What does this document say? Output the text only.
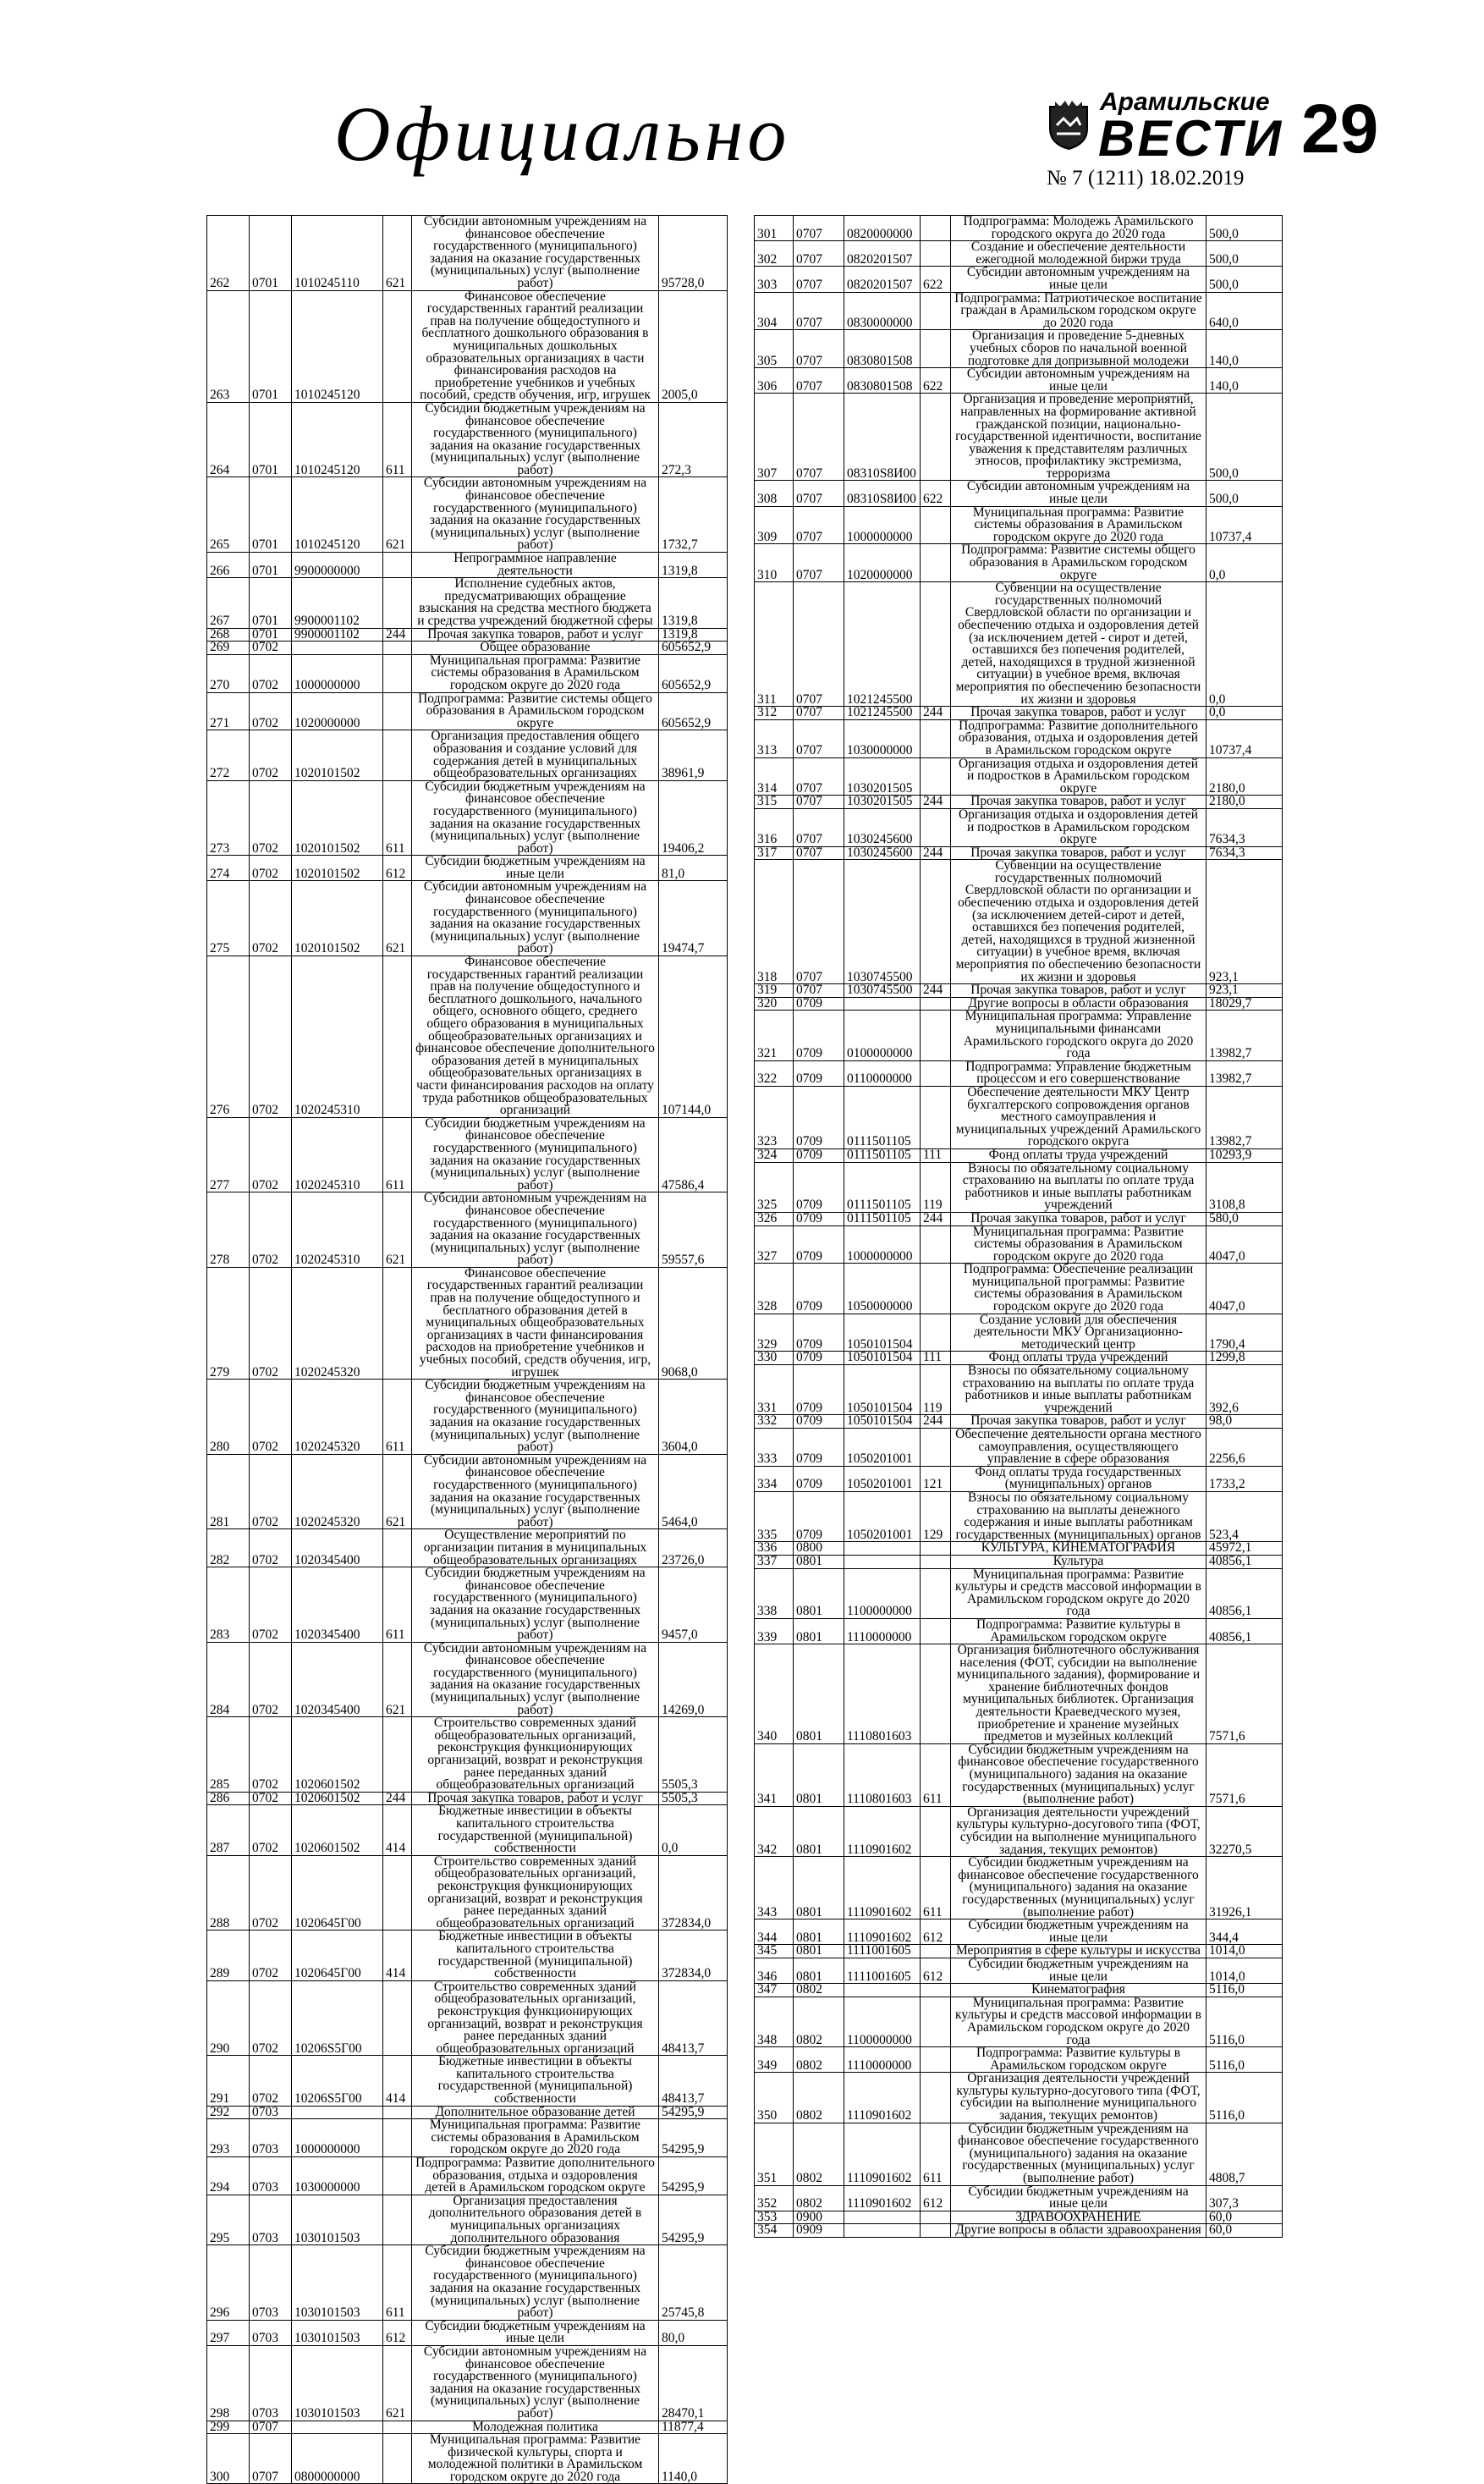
Официально	Арамильские
ВЕСТИ
№ 7 (1211) 18.02.2019
29
262	0701	1010245110	621	Субсидии автономным учреждениям на финансовое обеспечение государственного (муниципального) задания на оказание государственных (муниципальных) услуг (выполнение работ)	95728,0
263	0701	1010245120		Финансовое обеспечение государственных гарантий реализации прав на получение общедоступного и бесплатного дошкольного образования в муниципальных дошкольных образовательных организациях в части финансирования расходов на приобретение учебников и учебных пособий, средств обучения, игр, игрушек	2005,0
264	0701	1010245120	611	Субсидии бюджетным учреждениям на финансовое обеспечение государственного (муниципального) задания на оказание государственных (муниципальных) услуг (выполнение работ)	272,3
265	0701	1010245120	621	Субсидии автономным учреждениям на финансовое обеспечение государственного (муниципального) задания на оказание государственных (муниципальных) услуг (выполнение работ)	1732,7
266	0701	9900000000		Непрограммное направление деятельности	1319,8
267	0701	9900001102		Исполнение судебных актов, предусматривающих обращение взыскания на средства местного бюджета и средства учреждений бюджетной сферы	1319,8
268	0701	9900001102	244	Прочая закупка товаров, работ и услуг	1319,8
269	0702			Общее образование	605652,9
270	0702	1000000000		Муниципальная программа: Развитие системы образования в Арамильском городском округе до 2020 года	605652,9
271	0702	1020000000		Подпрограмма: Развитие системы общего образования в Арамильском городском округе	605652,9
272	0702	1020101502		Организация предоставления общего образования и создание условий для содержания детей в муниципальных общеобразовательных организациях	38961,9
273	0702	1020101502	611	Субсидии бюджетным учреждениям на финансовое обеспечение государственного (муниципального) задания на оказание государственных (муниципальных) услуг (выполнение работ)	19406,2
274	0702	1020101502	612	Субсидии бюджетным учреждениям на иные цели	81,0
275	0702	1020101502	621	Субсидии автономным учреждениям на финансовое обеспечение государственного (муниципального) задания на оказание государственных (муниципальных) услуг (выполнение работ)	19474,7
276	0702	1020245310		Финансовое обеспечение государственных гарантий реализации прав на получение общедоступного и бесплатного дошкольного, начального общего, основного общего, среднего общего образования в муниципальных общеобразовательных организациях и финансовое обеспечение дополнительного образования детей в муниципальных общеобразовательных организациях в части финансирования расходов на оплату труда работников общеобразовательных организаций	107144,0
277	0702	1020245310	611	Субсидии бюджетным учреждениям на финансовое обеспечение государственного (муниципального) задания на оказание государственных (муниципальных) услуг (выполнение работ)	47586,4
278	0702	1020245310	621	Субсидии автономным учреждениям на финансовое обеспечение государственного (муниципального) задания на оказание государственных (муниципальных) услуг (выполнение работ)	59557,6
279	0702	1020245320		Финансовое обеспечение государственных гарантий реализации прав на получение общедоступного и бесплатного образования детей в муниципальных общеобразовательных организациях в части финансирования расходов на приобретение учебников и учебных пособий, средств обучения, игр, игрушек	9068,0
280	0702	1020245320	611	Субсидии бюджетным учреждениям на финансовое обеспечение государственного (муниципального) задания на оказание государственных (муниципальных) услуг (выполнение работ)	3604,0
281	0702	1020245320	621	Субсидии автономным учреждениям на финансовое обеспечение государственного (муниципального) задания на оказание государственных (муниципальных) услуг (выполнение работ)	5464,0
282	0702	1020345400		Осуществление мероприятий по организации питания в муниципальных общеобразовательных организациях	23726,0
283	0702	1020345400	611	Субсидии бюджетным учреждениям на финансовое обеспечение государственного (муниципального) задания на оказание государственных (муниципальных) услуг (выполнение работ)	9457,0
284	0702	1020345400	621	Субсидии автономным учреждениям на финансовое обеспечение государственного (муниципального) задания на оказание государственных (муниципальных) услуг (выполнение работ)	14269,0
285	0702	1020601502		Строительство современных зданий общеобразовательных организаций, реконструкция функционирующих организаций, возврат и реконструкция ранее переданных зданий общеобразовательных организаций	5505,3
286	0702	1020601502	244	Прочая закупка товаров, работ и услуг	5505,3
287	0702	1020601502	414	Бюджетные инвестиции в объекты капитального строительства государственной (муниципальной) собственности	0,0
288	0702	1020645Г00		Строительство современных зданий общеобразовательных организаций, реконструкция функционирующих организаций, возврат и реконструкция ранее переданных зданий общеобразовательных организаций	372834,0
289	0702	1020645Г00	414	Бюджетные инвестиции в объекты капитального строительства государственной (муниципальной) собственности	372834,0
290	0702	10206S5Г00		Строительство современных зданий общеобразовательных организаций, реконструкция функционирующих организаций, возврат и реконструкция ранее переданных зданий общеобразовательных организаций	48413,7
291	0702	10206S5Г00	414	Бюджетные инвестиции в объекты капитального строительства государственной (муниципальной) собственности	48413,7
292	0703			Дополнительное образование детей	54295,9
293	0703	1000000000		Муниципальная программа: Развитие системы образования в Арамильском городском округе до 2020 года	54295,9
294	0703	1030000000		Подпрограмма: Развитие дополнительного образования, отдыха и оздоровления детей в Арамильском городском округе	54295,9
295	0703	1030101503		Организация предоставления дополнительного образования детей в муниципальных организациях дополнительного образования	54295,9
296	0703	1030101503	611	Субсидии бюджетным учреждениям на финансовое обеспечение государственного (муниципального) задания на оказание государственных (муниципальных) услуг (выполнение работ)	25745,8
297	0703	1030101503	612	Субсидии бюджетным учреждениям на иные цели	80,0
298	0703	1030101503	621	Субсидии автономным учреждениям на финансовое обеспечение государственного (муниципального) задания на оказание государственных (муниципальных) услуг (выполнение работ)	28470,1
299	0707			Молодежная политика	11877,4
300	0707	0800000000		Муниципальная программа: Развитие физической культуры, спорта и молодежной политики в Арамильском городском округе до 2020 года	1140,0
301	0707	0820000000		Подпрограмма: Молодежь Арамильского городского округа до 2020 года	500,0
302	0707	0820201507		Создание и обеспечение деятельности ежегодной молодежной биржи труда	500,0
303	0707	0820201507	622	Субсидии автономным учреждениям на иные цели	500,0
304	0707	0830000000		Подпрограмма: Патриотическое воспитание граждан в Арамильском городском округе до 2020 года	640,0
305	0707	0830801508		Организация и проведение 5-дневных учебных сборов по начальной военной подготовке для допризывной молодежи	140,0
306	0707	0830801508	622	Субсидии автономным учреждениям на иные цели	140,0
307	0707	08310S8И00		Организация и проведение мероприятий, направленных на формирование активной гражданской позиции, национально-государственной идентичности, воспитание уважения к представителям различных этносов, профилактику экстремизма, терроризма	500,0
308	0707	08310S8И00	622	Субсидии автономным учреждениям на иные цели	500,0
309	0707	1000000000		Муниципальная программа: Развитие системы образования в Арамильском городском округе до 2020 года	10737,4
310	0707	1020000000		Подпрограмма: Развитие системы общего образования в Арамильском городском округе	0,0
311	0707	1021245500		Субвенции на осуществление государственных полномочий Свердловской области по организации и обеспечению отдыха и оздоровления детей (за исключением детей - сирот и детей, оставшихся без попечения родителей, детей, находящихся в трудной жизненной ситуации) в учебное время, включая мероприятия по обеспечению безопасности их жизни и здоровья	0,0
312	0707	1021245500	244	Прочая закупка товаров, работ и услуг	0,0
313	0707	1030000000		Подпрограмма: Развитие дополнительного образования, отдыха и оздоровления детей в Арамильском городском округе	10737,4
314	0707	1030201505		Организация отдыха и оздоровления детей и подростков в Арамильском городском округе	2180,0
315	0707	1030201505	244	Прочая закупка товаров, работ и услуг	2180,0
316	0707	1030245600		Организация отдыха и оздоровления детей и подростков в Арамильском городском округе	7634,3
317	0707	1030245600	244	Прочая закупка товаров, работ и услуг	7634,3
318	0707	1030745500		Субвенции на осуществление государственных полномочий Свердловской области по организации и обеспечению отдыха и оздоровления детей (за исключением детей-сирот и детей, оставшихся без попечения родителей, детей, находящихся в трудной жизненной ситуации) в учебное время, включая мероприятия по обеспечению безопасности их жизни и здоровья	923,1
319	0707	1030745500	244	Прочая закупка товаров, работ и услуг	923,1
320	0709			Другие вопросы в области образования	18029,7
321	0709	0100000000		Муниципальная программа: Управление муниципальными финансами Арамильского городского округа до 2020 года	13982,7
322	0709	0110000000		Подпрограмма: Управление бюджетным процессом и его совершенствование	13982,7
323	0709	0111501105		Обеспечение деятельности МКУ Центр бухгалтерского сопровождения органов местного самоуправления и муниципальных учреждений Арамильского городского округа	13982,7
324	0709	0111501105	111	Фонд оплаты труда учреждений	10293,9
325	0709	0111501105	119	Взносы по обязательному социальному страхованию на выплаты по оплате труда работников и иные выплаты работникам учреждений	3108,8
326	0709	0111501105	244	Прочая закупка товаров, работ и услуг	580,0
327	0709	1000000000		Муниципальная программа: Развитие системы образования в Арамильском городском округе до 2020 года	4047,0
328	0709	1050000000		Подпрограмма: Обеспечение реализации муниципальной программы: Развитие системы образования в Арамильском городском округе до 2020 года	4047,0
329	0709	1050101504		Создание условий для обеспечения деятельности МКУ Организационно-методический центр	1790,4
330	0709	1050101504	111	Фонд оплаты труда учреждений	1299,8
331	0709	1050101504	119	Взносы по обязательному социальному страхованию на выплаты по оплате труда работников и иные выплаты работникам учреждений	392,6
332	0709	1050101504	244	Прочая закупка товаров, работ и услуг	98,0
333	0709	1050201001		Обеспечение деятельности органа местного самоуправления, осуществляющего управление в сфере образования	2256,6
334	0709	1050201001	121	Фонд оплаты труда государственных (муниципальных) органов	1733,2
335	0709	1050201001	129	Взносы по обязательному социальному страхованию на выплаты денежного содержания и иные выплаты работникам государственных (муниципальных) органов	523,4
336	0800			КУЛЬТУРА, КИНЕМАТОГРАФИЯ	45972,1
337	0801			Культура	40856,1
338	0801	1100000000		Муниципальная программа: Развитие культуры и средств массовой информации в Арамильском городском округе до 2020 года	40856,1
339	0801	1110000000		Подпрограмма: Развитие культуры в Арамильском городском округе	40856,1
340	0801	1110801603		Организация библиотечного обслуживания населения (ФОТ, субсидии на выполнение муниципального задания), формирование и хранение библиотечных фондов муниципальных библиотек. Организация деятельности Краеведческого музея, приобретение и хранение музейных предметов и музейных коллекций	7571,6
341	0801	1110801603	611	Субсидии бюджетным учреждениям на финансовое обеспечение государственного (муниципального) задания на оказание государственных (муниципальных) услуг (выполнение работ)	7571,6
342	0801	1110901602		Организация деятельности учреждений культуры культурно-досугового типа (ФОТ, субсидии на выполнение муниципального задания, текущих ремонтов)	32270,5
343	0801	1110901602	611	Субсидии бюджетным учреждениям на финансовое обеспечение государственного (муниципального) задания на оказание государственных (муниципальных) услуг (выполнение работ)	31926,1
344	0801	1110901602	612	Субсидии бюджетным учреждениям на иные цели	344,4
345	0801	1111001605		Мероприятия в сфере культуры и искусства	1014,0
346	0801	1111001605	612	Субсидии бюджетным учреждениям на иные цели	1014,0
347	0802			Кинематография	5116,0
348	0802	1100000000		Муниципальная программа: Развитие культуры и средств массовой информации в Арамильском городском округе до 2020 года	5116,0
349	0802	1110000000		Подпрограмма: Развитие культуры в Арамильском городском округе	5116,0
350	0802	1110901602		Организация деятельности учреждений культуры культурно-досугового типа (ФОТ, субсидии на выполнение муниципального задания, текущих ремонтов)	5116,0
351	0802	1110901602	611	Субсидии бюджетным учреждениям на финансовое обеспечение государственного (муниципального) задания на оказание государственных (муниципальных) услуг (выполнение работ)	4808,7
352	0802	1110901602	612	Субсидии бюджетным учреждениям на иные цели	307,3
353	0900			ЗДРАВООХРАНЕНИЕ	60,0
354	0909			Другие вопросы в области здравоохранения	60,0
